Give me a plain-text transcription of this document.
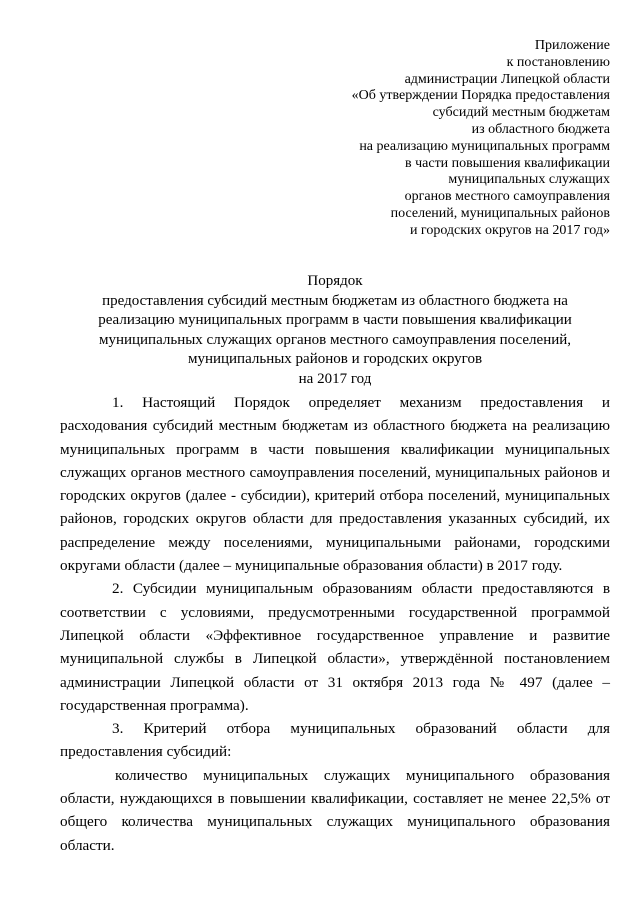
Приложение
к постановлению
администрации Липецкой области
«Об утверждении Порядка предоставления
субсидий местным бюджетам
из областного бюджета
на реализацию муниципальных программ
в части повышения квалификации
муниципальных служащих
органов местного самоуправления
поселений, муниципальных районов
и городских округов на 2017 год»
Порядок
предоставления субсидий местным бюджетам из областного бюджета на
реализацию муниципальных программ в части повышения квалификации
муниципальных служащих органов местного самоуправления поселений,
муниципальных районов и городских округов
на 2017 год

1. Настоящий Порядок определяет механизм предоставления и расходования субсидий местным бюджетам из областного бюджета на реализацию муниципальных программ в части повышения квалификации муниципальных служащих органов местного самоуправления поселений, муниципальных районов и городских округов (далее - субсидии), критерий отбора поселений, муниципальных районов, городских округов области для предоставления указанных субсидий, их распределение между поселениями, муниципальными районами, городскими округами области (далее – муниципальные образования области) в 2017 году.

2. Субсидии муниципальным образованиям области предоставляются в соответствии с условиями, предусмотренными государственной программой Липецкой области «Эффективное государственное управление и развитие муниципальной службы в Липецкой области», утверждённой постановлением администрации Липецкой области от 31 октября 2013 года № 497 (далее – государственная программа).

3. Критерий отбора муниципальных образований области для предоставления субсидий:

количество муниципальных служащих муниципального образования области, нуждающихся в повышении квалификации, составляет не менее 22,5% от общего количества муниципальных служащих муниципального образования области.
